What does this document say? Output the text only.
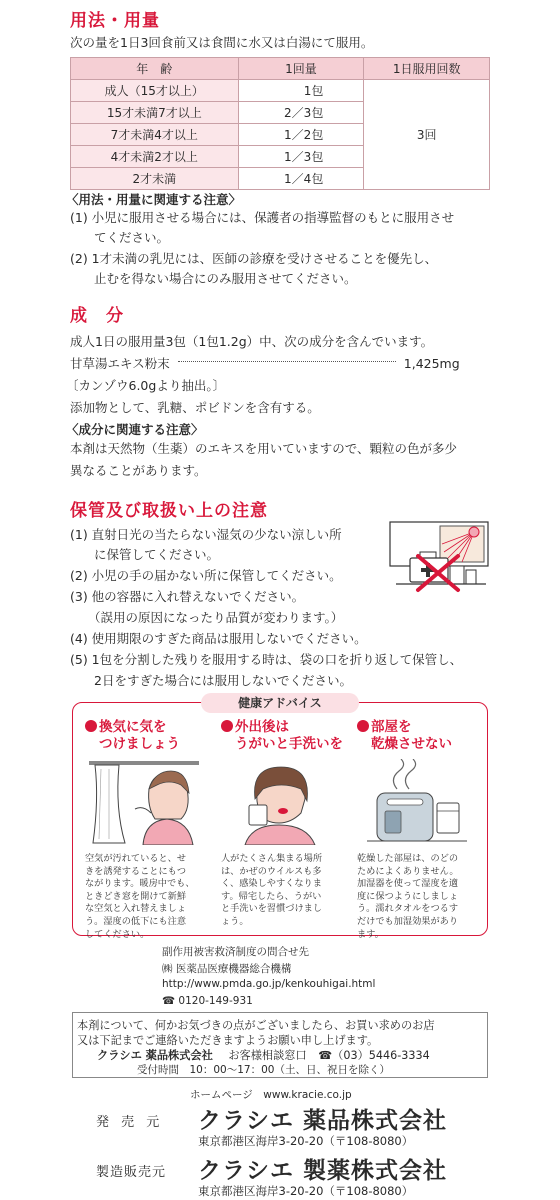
用法・用量
次の量を1日3回食前又は食間に水又は白湯にて服用。
年　齢	1回量	1日服用回数
成人（15才以上）	1包	3回
15才未満7才以上	2／3包	
7才未満4才以上	1／2包	
4才未満2才以上	1／3包	
2才未満	1／4包	
〈用法・用量に関連する注意〉
(1) 小児に服用させる場合には、保護者の指導監督のもとに服用させ
てください。
(2) 1才未満の乳児には、医師の診療を受けさせることを優先し、
止むを得ない場合にのみ服用させてください。
成　分
成人1日の服用量3包（1包1.2g）中、次の成分を含んでいます。
甘草湯エキス粉末	1,425mg
〔カンゾウ6.0gより抽出。〕
添加物として、乳糖、ポビドンを含有する。
〈成分に関連する注意〉
本剤は天然物（生薬）のエキスを用いていますので、顆粒の色が多少
異なることがあります。
保管及び取扱い上の注意
(1) 直射日光の当たらない湿気の少ない涼しい所
に保管してください。
(2) 小児の手の届かない所に保管してください。
(3) 他の容器に入れ替えないでください。
（誤用の原因になったり品質が変わります。）
(4) 使用期限のすぎた商品は服用しないでください。
(5) 1包を分割した残りを服用する時は、袋の口を折り返して保管し、
2日をすぎた場合には服用しないでください。
健康アドバイス
換気に気を
つけましょう
空気が汚れていると、せ
きを誘発することにもつ
ながります。暖房中でも、
ときどき窓を開けて新鮮
な空気と入れ替えましょ
う。湿度の低下にも注意
してください。
外出後は
うがいと手洗いを
人がたくさん集まる場所
は、かぜのウイルスも多
く、感染しやすくなりま
す。帰宅したら、うがい
と手洗いを習慣づけまし
ょう。
部屋を
乾燥させない
乾燥した部屋は、のどの
ためによくありません。
加湿器を使って湿度を適
度に保つようにしましょ
う。濡れタオルをつるす
だけでも加湿効果があり
ます。
副作用被害救済制度の問合せ先
㈱ 医薬品医療機器総合機構
http://www.pmda.go.jp/kenkouhigai.html
☎ 0120-149-931
本剤について、何かお気づきの点がございましたら、お買い求めのお店
又は下記までご連絡いただきますようお願い申し上げます。
クラシエ 薬品株式会社 お客様相談窓口 ☎（03）5446-3334
受付時間　10：00～17：00（土、日、祝日を除く）
ホームページ　www.kracie.co.jp
発 売 元 クラシエ 薬品株式会社
東京都港区海岸3-20-20（〒108-8080）
製造販売元 クラシエ 製薬株式会社
東京都港区海岸3-20-20（〒108-8080）
